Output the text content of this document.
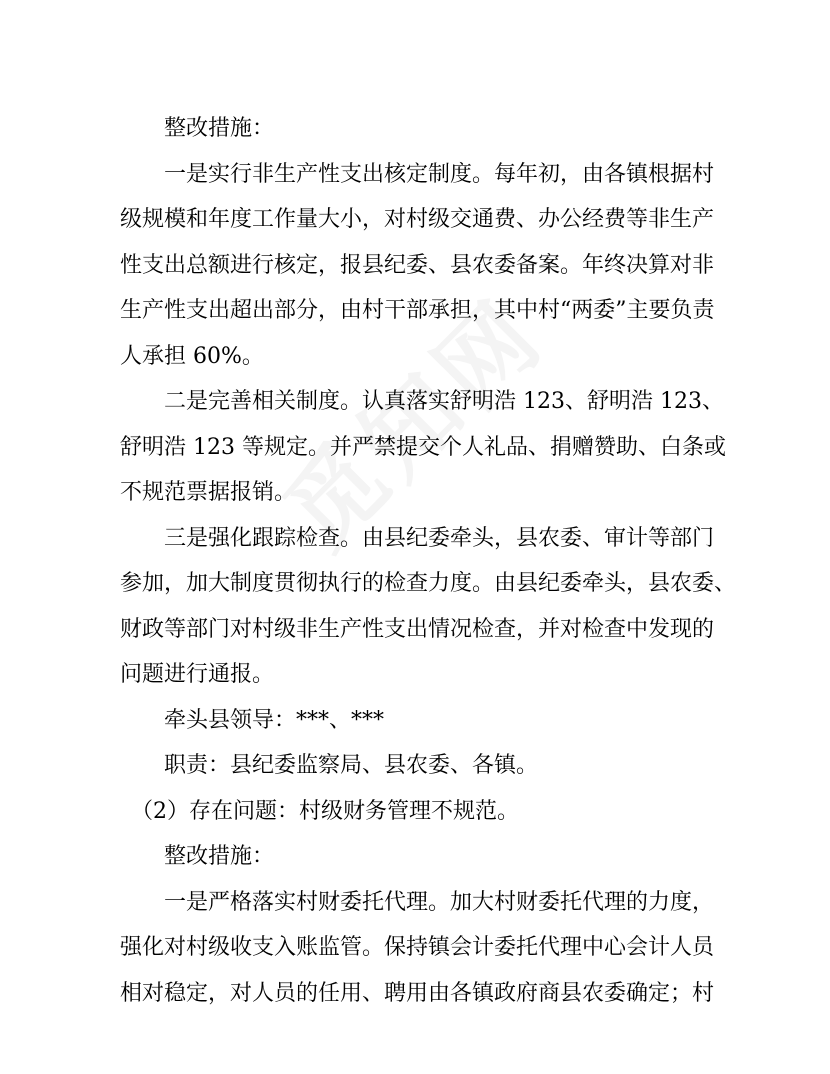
　　整改措施：
　　一是实行非生产性支出核定制度。每年初，由各镇根据村
级规模和年度工作量大小，对村级交通费、办公经费等非生产
性支出总额进行核定，报县纪委、县农委备案。年终决算对非
生产性支出超出部分，由村干部承担，其中村“两委”主要负责
人承担 60%。
　　二是完善相关制度。认真落实舒明浩 123、舒明浩 123、
舒明浩 123 等规定。并严禁提交个人礼品、捐赠赞助、白条或
不规范票据报销。
　　三是强化跟踪检查。由县纪委牵头，县农委、审计等部门
参加，加大制度贯彻执行的检查力度。由县纪委牵头，县农委、
财政等部门对村级非生产性支出情况检查，并对检查中发现的
问题进行通报。
　　牵头县领导：***、***
　　职责：县纪委监察局、县农委、各镇。
　（2）存在问题：村级财务管理不规范。
　　整改措施：
　　一是严格落实村财委托代理。加大村财委托代理的力度，
强化对村级收支入账监管。保持镇会计委托代理中心会计人员
相对稳定，对人员的任用、聘用由各镇政府商县农委确定；村
